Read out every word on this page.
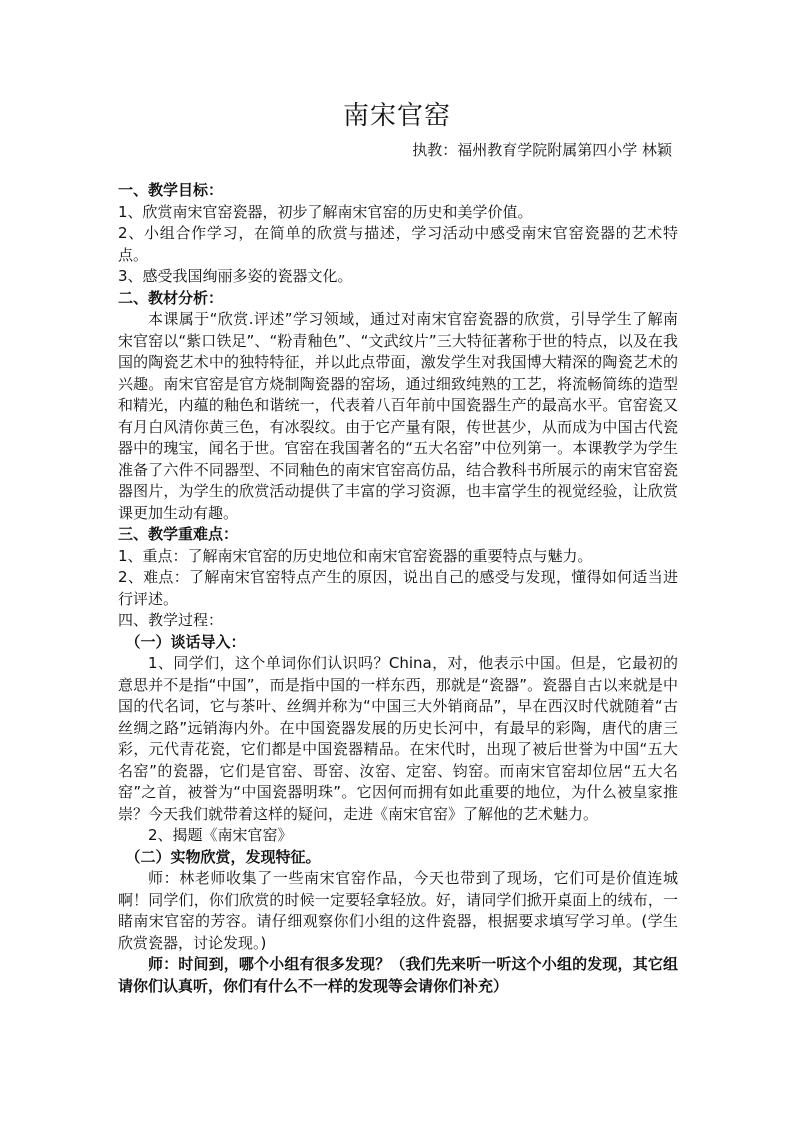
南宋官窑
执教：福州教育学院附属第四小学 林颖

一、教学目标：

1、欣赏南宋官窑瓷器，初步了解南宋官窑的历史和美学价值。

2、小组合作学习，在简单的欣赏与描述，学习活动中感受南宋官窑瓷器的艺术特点。

3、感受我国绚丽多姿的瓷器文化。

二、教材分析：

本课属于“欣赏.评述”学习领域，通过对南宋官窑瓷器的欣赏，引导学生了解南宋官窑以“紫口铁足”、“粉青釉色”、“文武纹片”三大特征著称于世的特点，以及在我国的陶瓷艺术中的独特特征，并以此点带面，激发学生对我国博大精深的陶瓷艺术的兴趣。南宋官窑是官方烧制陶瓷器的窑场，通过细致纯熟的工艺，将流畅简练的造型和精光，内蕴的釉色和谐统一，代表着八百年前中国瓷器生产的最高水平。官窑瓷又有月白风清你黄三色，有冰裂纹。由于它产量有限，传世甚少，从而成为中国古代瓷器中的瑰宝，闻名于世。官窑在我国著名的“五大名窑”中位列第一。本课教学为学生准备了六件不同器型、不同釉色的南宋官窑高仿品，结合教科书所展示的南宋官窑瓷器图片，为学生的欣赏活动提供了丰富的学习资源，也丰富学生的视觉经验，让欣赏课更加生动有趣。

三、教学重难点：

1、重点：了解南宋官窑的历史地位和南宋官窑瓷器的重要特点与魅力。

2、难点：了解南宋官窑特点产生的原因，说出自己的感受与发现，懂得如何适当进行评述。

四、教学过程：

（一）谈话导入：

1、同学们，这个单词你们认识吗？China，对，他表示中国。但是，它最初的意思并不是指“中国”，而是指中国的一样东西，那就是“瓷器”。瓷器自古以来就是中国的代名词，它与茶叶、丝绸并称为“中国三大外销商品”，早在西汉时代就随着“古丝绸之路”远销海内外。在中国瓷器发展的历史长河中，有最早的彩陶，唐代的唐三彩，元代青花瓷，它们都是中国瓷器精品。在宋代时，出现了被后世誉为中国“五大名窑”的瓷器，它们是官窑、哥窑、汝窑、定窑、钧窑。而南宋官窑却位居“五大名窑”之首，被誉为“中国瓷器明珠”。它因何而拥有如此重要的地位，为什么被皇家推崇？今天我们就带着这样的疑问，走进《南宋官窑》了解他的艺术魅力。

2、揭题《南宋官窑》

（二）实物欣赏，发现特征。

师：林老师收集了一些南宋官窑作品，今天也带到了现场，它们可是价值连城啊！同学们，你们欣赏的时候一定要轻拿轻放。好，请同学们掀开桌面上的绒布，一睹南宋官窑的芳容。请仔细观察你们小组的这件瓷器，根据要求填写学习单。(学生欣赏瓷器，讨论发现。)

师：时间到，哪个小组有很多发现？（我们先来听一听这个小组的发现，其它组请你们认真听，你们有什么不一样的发现等会请你们补充）
